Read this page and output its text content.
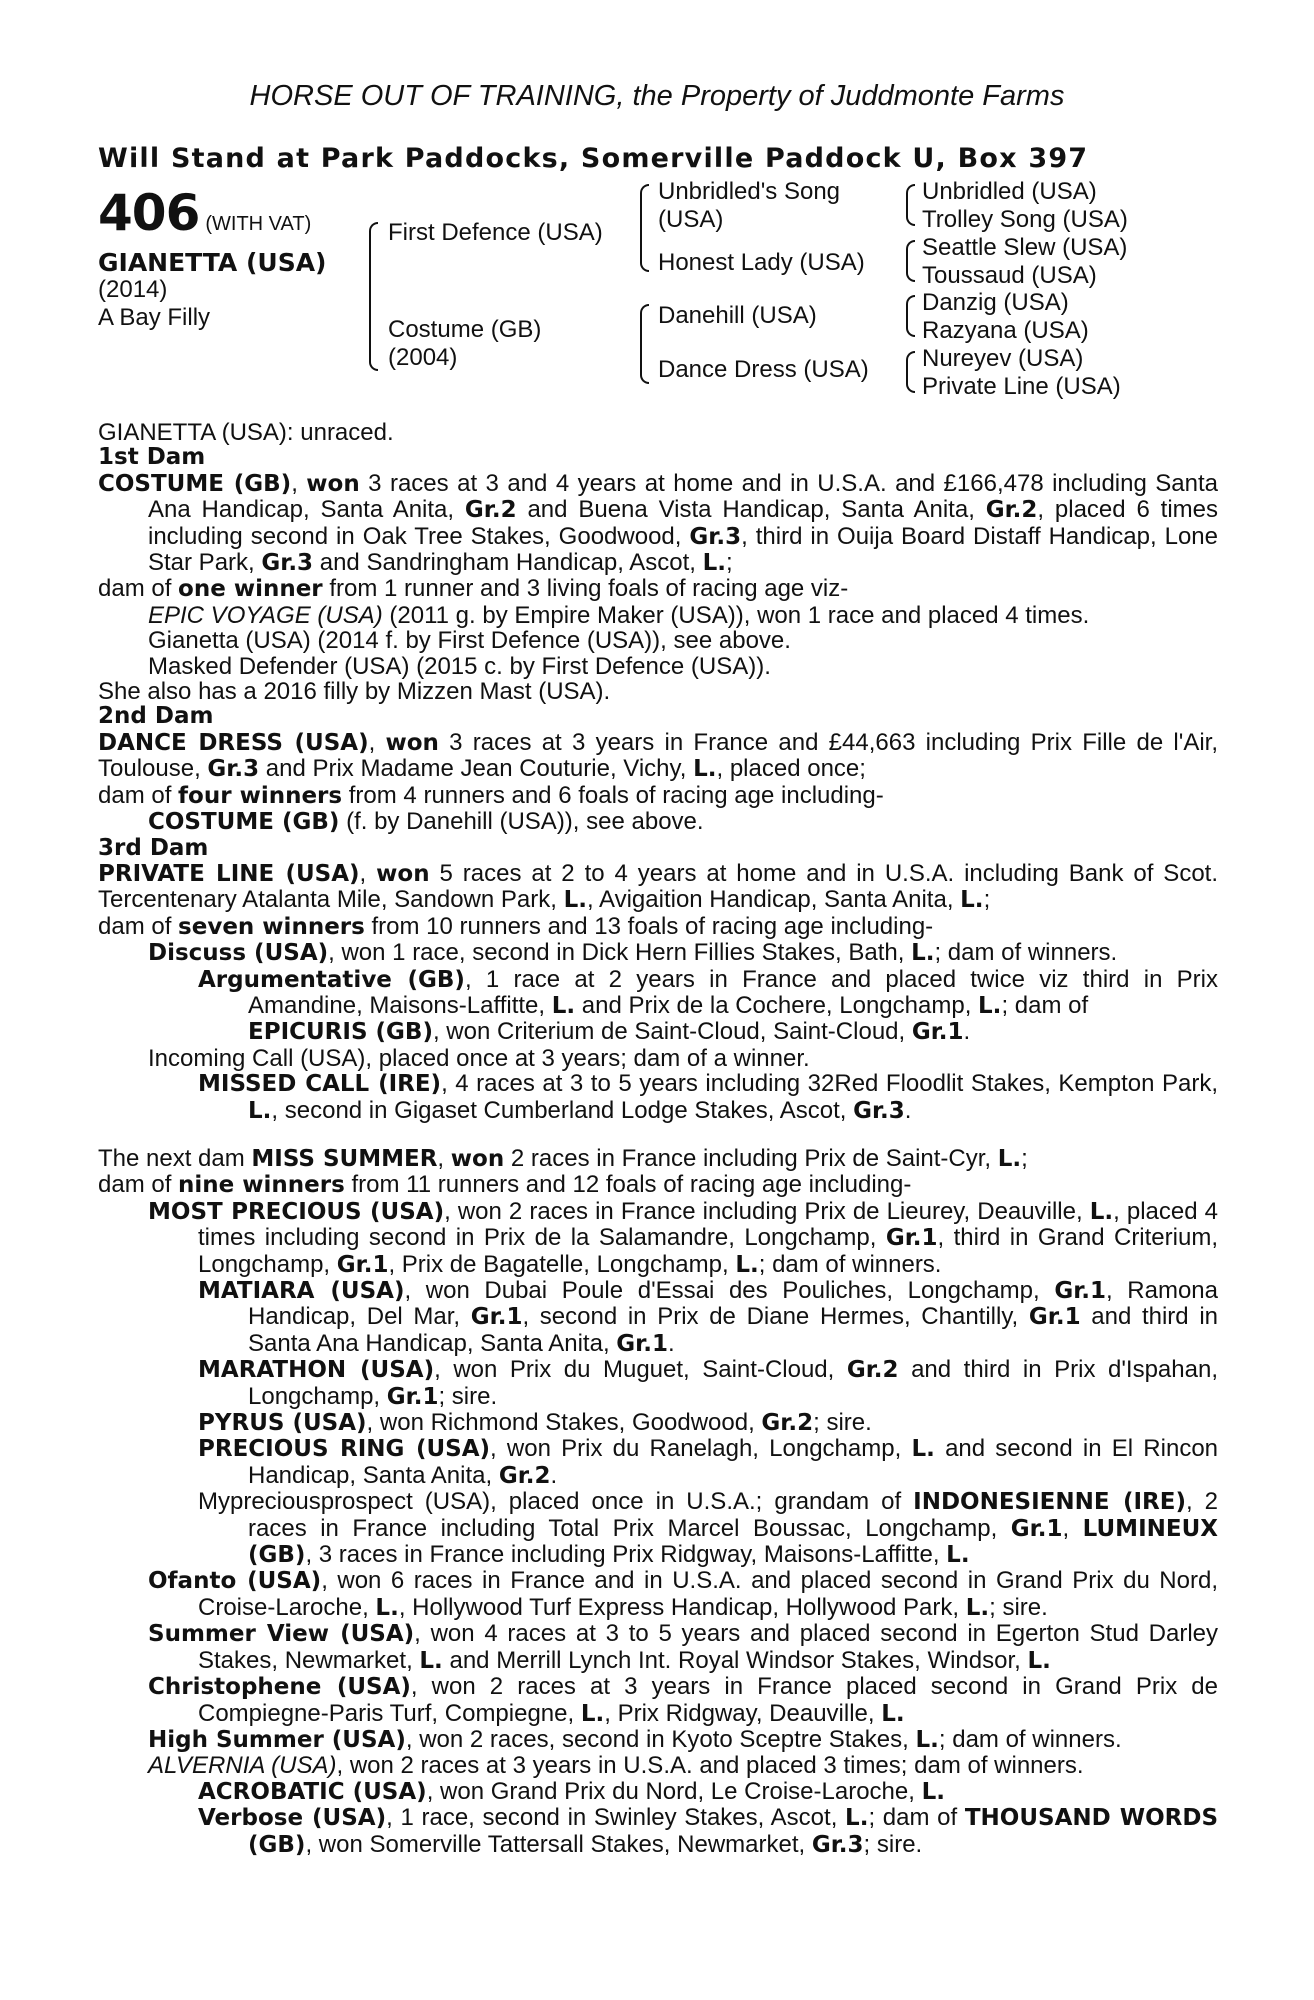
HORSE OUT OF TRAINING, the Property of Juddmonte Farms
Will Stand at Park Paddocks, Somerville Paddock U, Box 397
406 (WITH VAT)
GIANETTA (USA)
(2014)
A Bay Filly
First Defence (USA)
Costume (GB)
(2004)
Unbridled's Song
(USA)
Honest Lady (USA)
Danehill (USA)
Dance Dress (USA)
Unbridled (USA)
Trolley Song (USA)
Seattle Slew (USA)
Toussaud (USA)
Danzig (USA)
Razyana (USA)
Nureyev (USA)
Private Line (USA)

GIANETTA (USA): unraced.

1st Dam

COSTUME (GB), won 3 races at 3 and 4 years at home and in U.S.A. and £166,478 including Santa Ana Handicap, Santa Anita, Gr.2 and Buena Vista Handicap, Santa Anita, Gr.2, placed 6 times including second in Oak Tree Stakes, Goodwood, Gr.3, third in Ouija Board Distaff Handicap, Lone Star Park, Gr.3 and Sandringham Handicap, Ascot, L.;

dam of one winner from 1 runner and 3 living foals of racing age viz-

EPIC VOYAGE (USA) (2011 g. by Empire Maker (USA)), won 1 race and placed 4 times.

Gianetta (USA) (2014 f. by First Defence (USA)), see above.

Masked Defender (USA) (2015 c. by First Defence (USA)).

She also has a 2016 filly by Mizzen Mast (USA).

2nd Dam

DANCE DRESS (USA), won 3 races at 3 years in France and £44,663 including Prix Fille de l'Air, Toulouse, Gr.3 and Prix Madame Jean Couturie, Vichy, L., placed once;

dam of four winners from 4 runners and 6 foals of racing age including-

COSTUME (GB) (f. by Danehill (USA)), see above.

3rd Dam

PRIVATE LINE (USA), won 5 races at 2 to 4 years at home and in U.S.A. including Bank of Scot. Tercentenary Atalanta Mile, Sandown Park, L., Avigaition Handicap, Santa Anita, L.;

dam of seven winners from 10 runners and 13 foals of racing age including-

Discuss (USA), won 1 race, second in Dick Hern Fillies Stakes, Bath, L.; dam of winners.

Argumentative (GB), 1 race at 2 years in France and placed twice viz third in Prix Amandine, Maisons-Laffitte, L. and Prix de la Cochere, Longchamp, L.; dam of
EPICURIS (GB), won Criterium de Saint-Cloud, Saint-Cloud, Gr.1.

Incoming Call (USA), placed once at 3 years; dam of a winner.

MISSED CALL (IRE), 4 races at 3 to 5 years including 32Red Floodlit Stakes, Kempton Park, L., second in Gigaset Cumberland Lodge Stakes, Ascot, Gr.3.

The next dam MISS SUMMER, won 2 races in France including Prix de Saint-Cyr, L.;

dam of nine winners from 11 runners and 12 foals of racing age including-

MOST PRECIOUS (USA), won 2 races in France including Prix de Lieurey, Deauville, L., placed 4 times including second in Prix de la Salamandre, Longchamp, Gr.1, third in Grand Criterium, Longchamp, Gr.1, Prix de Bagatelle, Longchamp, L.; dam of winners.

MATIARA (USA), won Dubai Poule d'Essai des Pouliches, Longchamp, Gr.1, Ramona Handicap, Del Mar, Gr.1, second in Prix de Diane Hermes, Chantilly, Gr.1 and third in Santa Ana Handicap, Santa Anita, Gr.1.

MARATHON (USA), won Prix du Muguet, Saint-Cloud, Gr.2 and third in Prix d'Ispahan, Longchamp, Gr.1; sire.

PYRUS (USA), won Richmond Stakes, Goodwood, Gr.2; sire.

PRECIOUS RING (USA), won Prix du Ranelagh, Longchamp, L. and second in El Rincon Handicap, Santa Anita, Gr.2.

Mypreciousprospect (USA), placed once in U.S.A.; grandam of INDONESIENNE (IRE), 2 races in France including Total Prix Marcel Boussac, Longchamp, Gr.1, LUMINEUX (GB), 3 races in France including Prix Ridgway, Maisons-Laffitte, L.

Ofanto (USA), won 6 races in France and in U.S.A. and placed second in Grand Prix du Nord, Croise-Laroche, L., Hollywood Turf Express Handicap, Hollywood Park, L.; sire.

Summer View (USA), won 4 races at 3 to 5 years and placed second in Egerton Stud Darley Stakes, Newmarket, L. and Merrill Lynch Int. Royal Windsor Stakes, Windsor, L.

Christophene (USA), won 2 races at 3 years in France placed second in Grand Prix de Compiegne-Paris Turf, Compiegne, L., Prix Ridgway, Deauville, L.

High Summer (USA), won 2 races, second in Kyoto Sceptre Stakes, L.; dam of winners.

ALVERNIA (USA), won 2 races at 3 years in U.S.A. and placed 3 times; dam of winners.

ACROBATIC (USA), won Grand Prix du Nord, Le Croise-Laroche, L.

Verbose (USA), 1 race, second in Swinley Stakes, Ascot, L.; dam of THOUSAND WORDS (GB), won Somerville Tattersall Stakes, Newmarket, Gr.3; sire.
